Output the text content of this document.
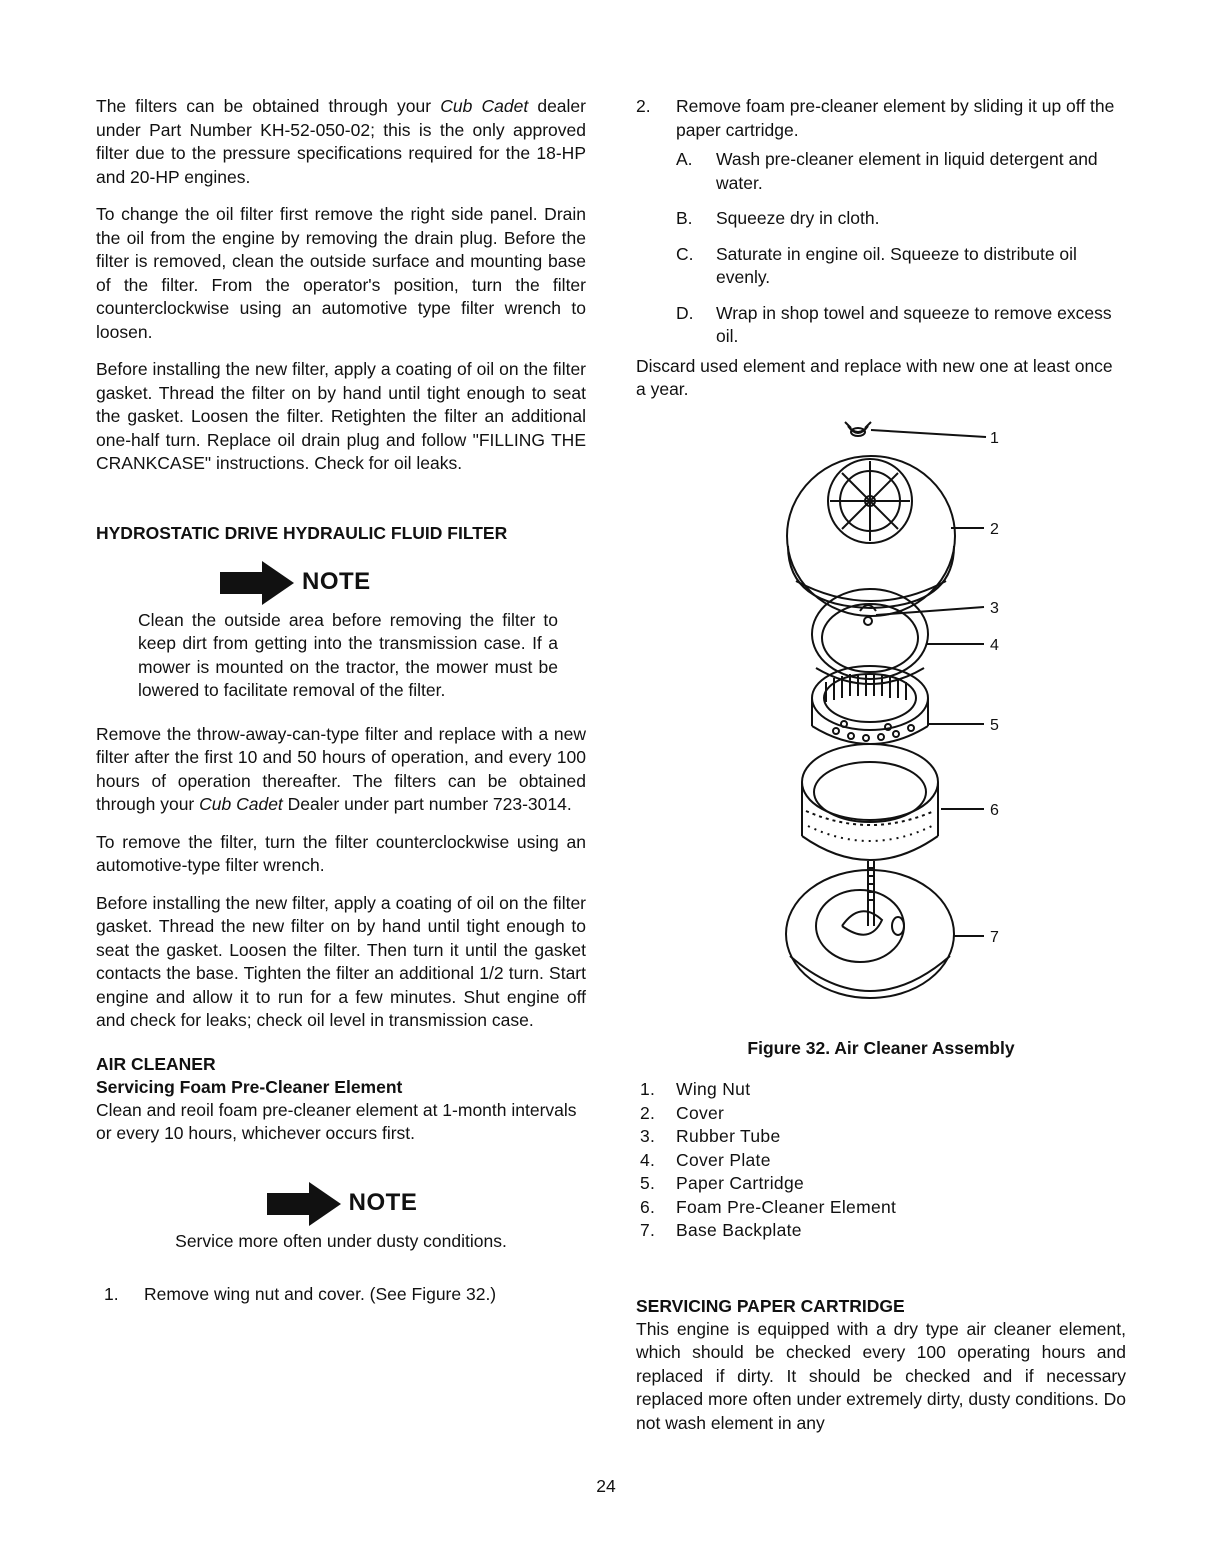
The filters can be obtained through your Cub Cadet dealer under Part Number KH-52-050-02; this is the only approved filter due to the pressure specifications required for the 18-HP and 20-HP engines.

To change the oil filter first remove the right side panel. Drain the oil from the engine by removing the drain plug. Before the filter is removed, clean the outside surface and mounting base of the filter. From the operator's position, turn the filter counterclockwise using an automotive type filter wrench to loosen.

Before installing the new filter, apply a coating of oil on the filter gasket. Thread the filter on by hand until tight enough to seat the gasket. Loosen the filter. Retighten the filter an additional one-half turn. Replace oil drain plug and follow "FILLING THE CRANKCASE" instructions. Check for oil leaks.

HYDROSTATIC DRIVE HYDRAULIC FLUID FILTER
NOTE

Clean the outside area before removing the filter to keep dirt from getting into the transmission case. If a mower is mounted on the tractor, the mower must be lowered to facilitate removal of the filter.

Remove the throw-away-can-type filter and replace with a new filter after the first 10 and 50 hours of operation, and every 100 hours of operation thereafter. The filters can be obtained through your Cub Cadet Dealer under part number 723-3014.

To remove the filter, turn the filter counterclockwise using an automotive-type filter wrench.

Before installing the new filter, apply a coating of oil on the filter gasket. Thread the new filter on by hand until tight enough to seat the gasket. Loosen the filter. Then turn it until the gasket contacts the base. Tighten the filter an additional 1/2 turn. Start engine and allow it to run for a few minutes. Shut engine off and check for leaks; check oil level in transmission case.

AIR CLEANER
Servicing Foam Pre-Cleaner Element

Clean and reoil foam pre-cleaner element at 1-month intervals or every 10 hours, whichever occurs first.

NOTE

Service more often under dusty conditions.

1.	Remove wing nut and cover. (See Figure 32.)
2.	Remove foam pre-cleaner element by sliding it up off the paper cartridge.
A.	Wash pre-cleaner element in liquid detergent and water.
B.	Squeeze dry in cloth.
C.	Saturate in engine oil. Squeeze to distribute oil evenly.
D.	Wrap in shop towel and squeeze to remove excess oil.

Discard used element and replace with new one at least once a year.

1
2
3
4
5
6
7

Figure 32. Air Cleaner Assembly

1.	Wing Nut
2.	Cover
3.	Rubber Tube
4.	Cover Plate
5.	Paper Cartridge
6.	Foam Pre-Cleaner Element
7.	Base Backplate
SERVICING PAPER CARTRIDGE

This engine is equipped with a dry type air cleaner element, which should be checked every 100 operating hours and replaced if dirty. It should be checked and if necessary replaced more often under extremely dirty, dusty conditions. Do not wash element in any

24
